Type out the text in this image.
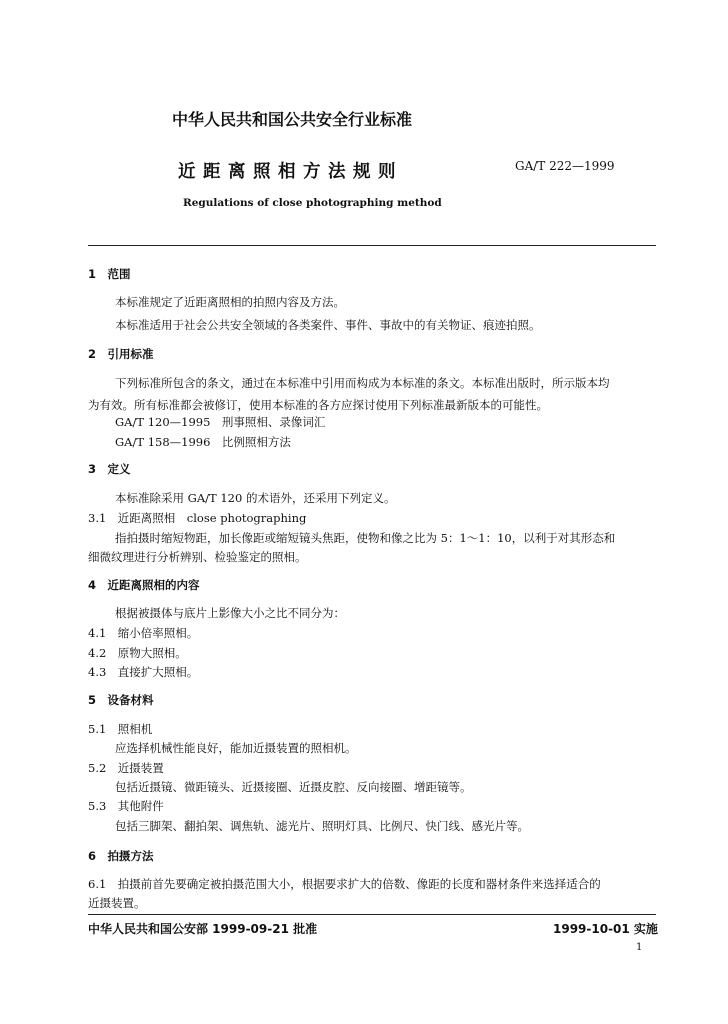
中华人民共和国公共安全行业标准
近距离照相方法规则	GA/T 222—1999
Regulations of close photographing method
1　范围
本标准规定了近距离照相的拍照内容及方法。
本标准适用于社会公共安全领域的各类案件、事件、事故中的有关物证、痕迹拍照。
2　引用标准
下列标准所包含的条文，通过在本标准中引用而构成为本标准的条文。本标准出版时，所示版本均
为有效。所有标准都会被修订，使用本标准的各方应探讨使用下列标准最新版本的可能性。
GA/T 120—1995　刑事照相、录像词汇
GA/T 158—1996　比例照相方法
3　定义
本标准除采用 GA/T 120 的术语外，还采用下列定义。
3.1　近距离照相　close photographing
指拍摄时缩短物距，加长像距或缩短镜头焦距，使物和像之比为 5：1～1：10，以利于对其形态和
细微纹理进行分析辨别、检验鉴定的照相。
4　近距离照相的内容
根据被摄体与底片上影像大小之比不同分为：
4.1　缩小倍率照相。
4.2　原物大照相。
4.3　直接扩大照相。
5　设备材料
5.1　照相机
应选择机械性能良好，能加近摄装置的照相机。
5.2　近摄装置
包括近摄镜、微距镜头、近摄接圈、近摄皮腔、反向接圈、增距镜等。
5.3　其他附件
包括三脚架、翻拍架、调焦轨、滤光片、照明灯具、比例尺、快门线、感光片等。
6　拍摄方法
6.1　拍摄前首先要确定被拍摄范围大小，根据要求扩大的倍数、像距的长度和器材条件来选择适合的
近摄装置。
中华人民共和国公安部 1999-09-21 批准	1999-10-01 实施
1
